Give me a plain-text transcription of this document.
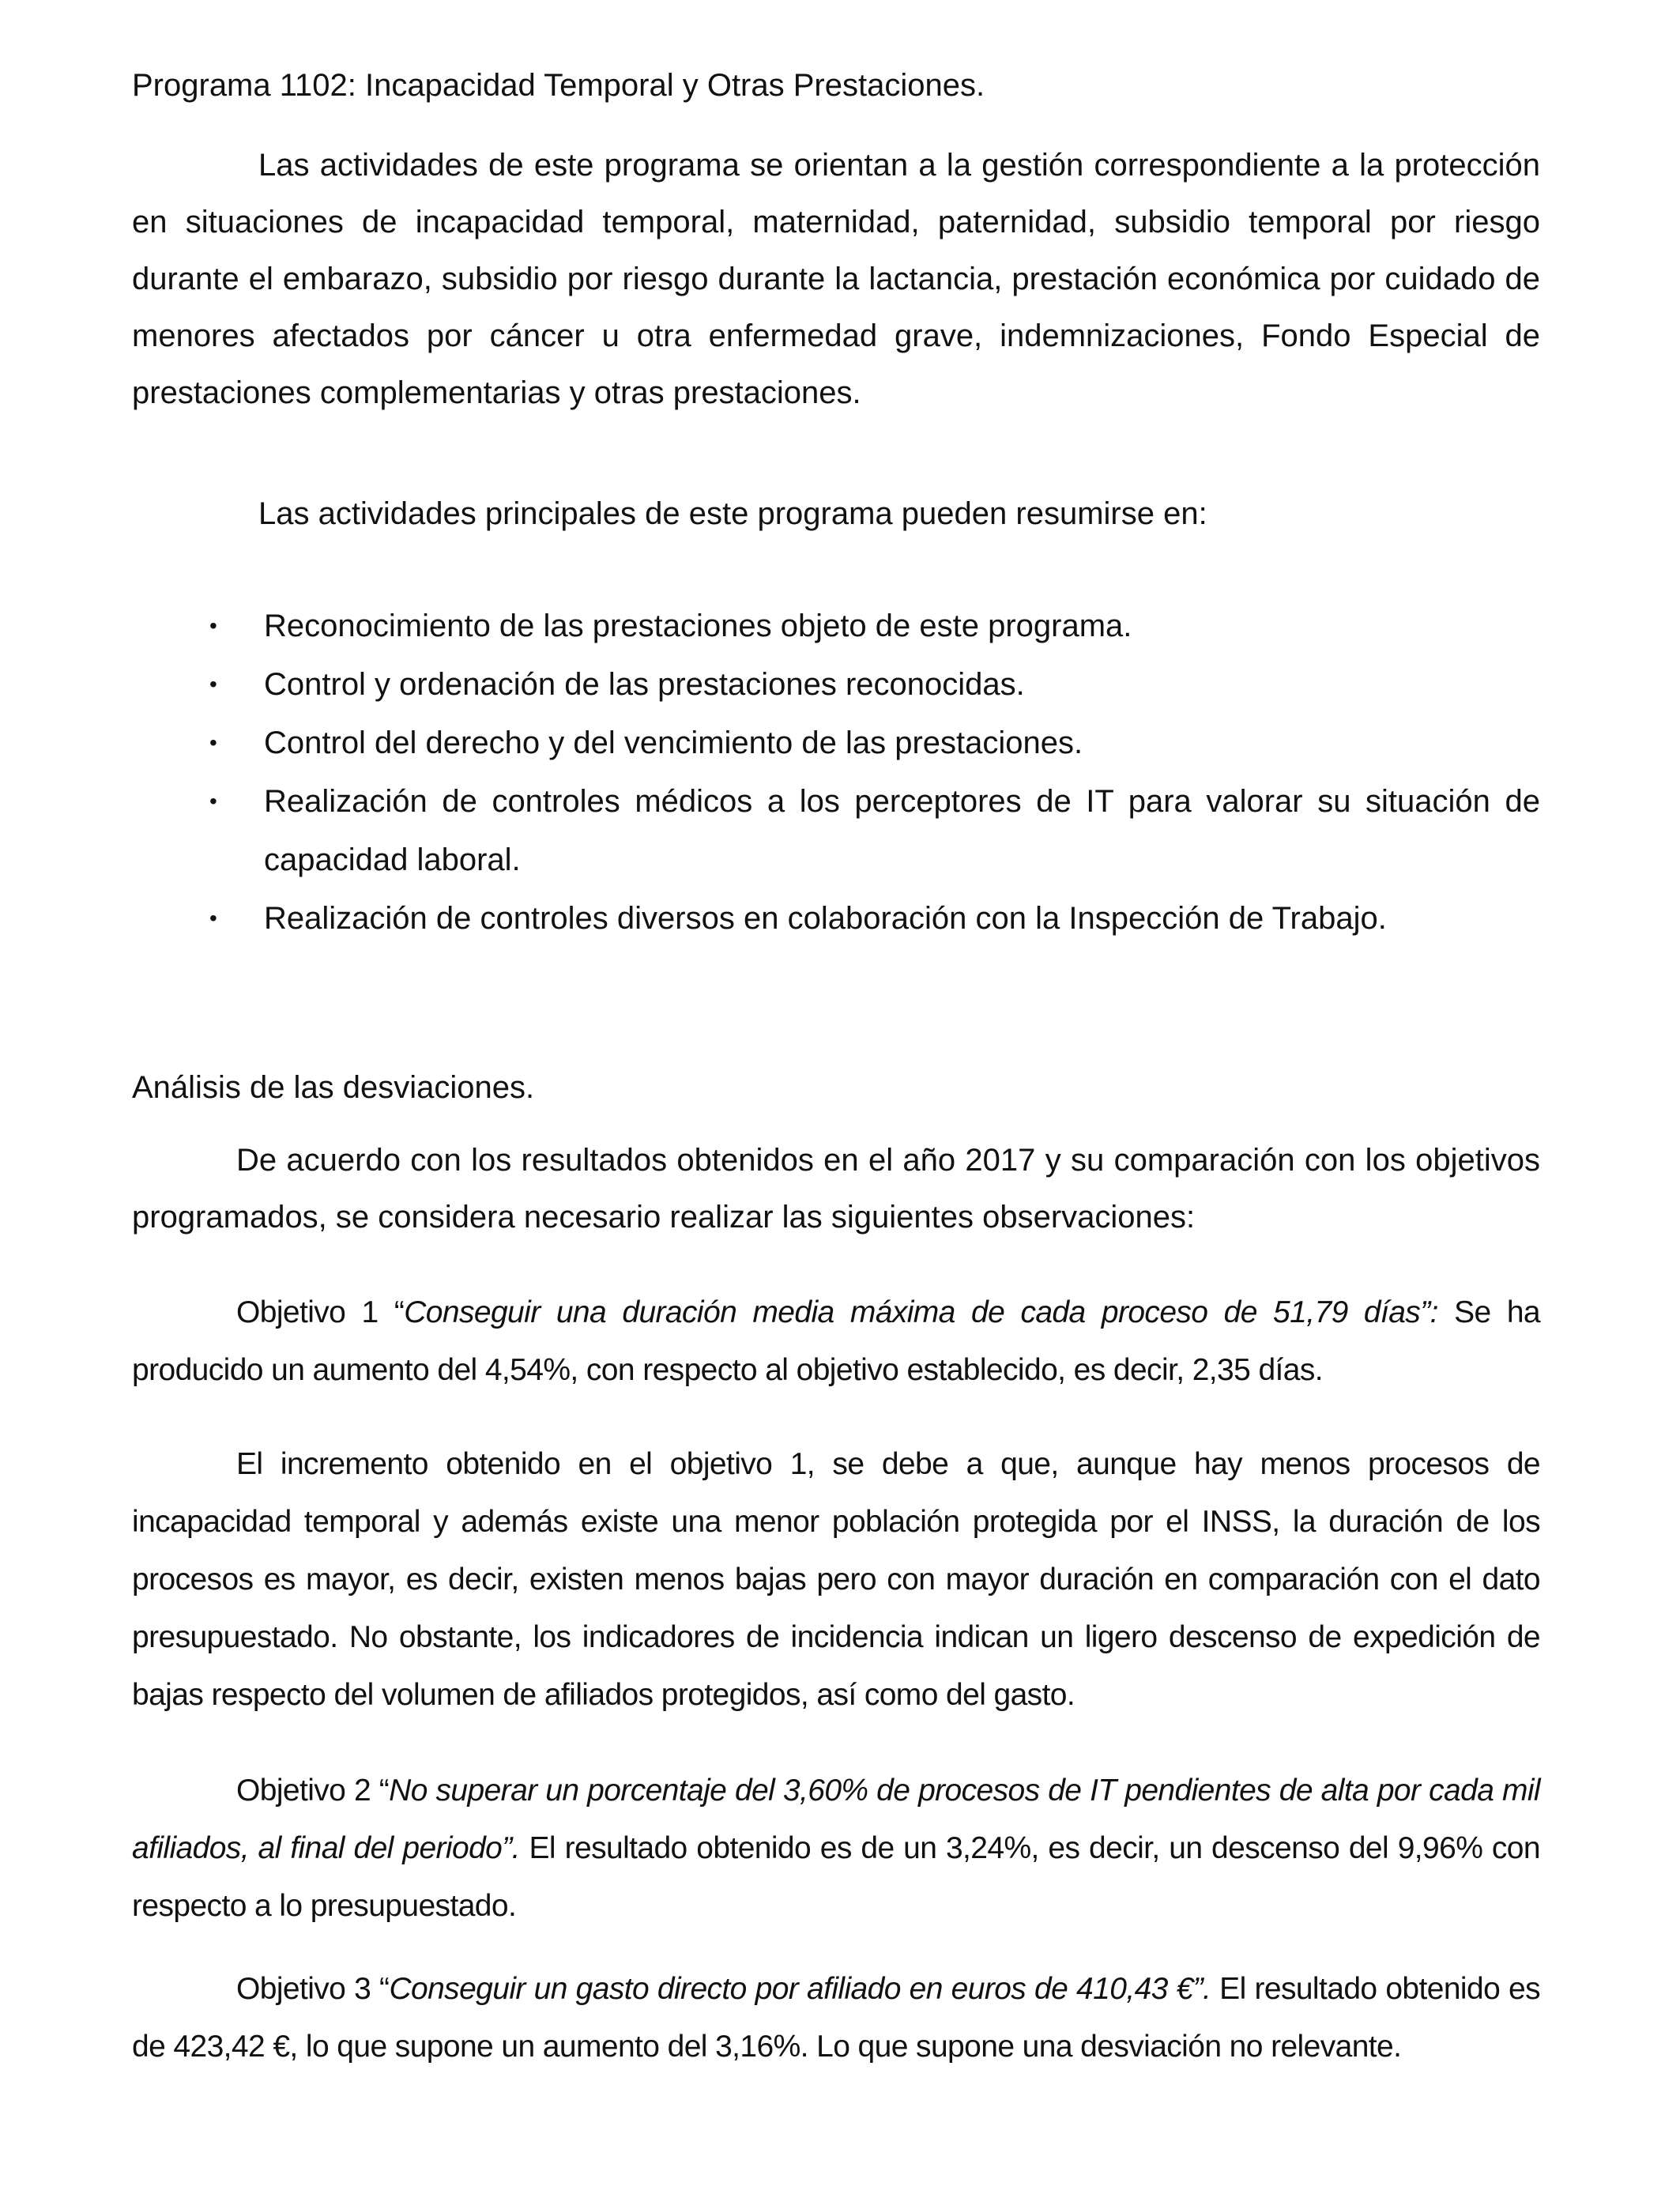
Programa 1102: Incapacidad Temporal y Otras Prestaciones.

Las actividades de este programa se orientan a la gestión correspondiente a la protección en situaciones de incapacidad temporal, maternidad, paternidad, subsidio temporal por riesgo durante el embarazo, subsidio por riesgo durante la lactancia, prestación económica por cuidado de menores afectados por cáncer u otra enfermedad grave, indemnizaciones, Fondo Especial de prestaciones complementarias y otras prestaciones.

Las actividades principales de este programa pueden resumirse en:

• Reconocimiento de las prestaciones objeto de este programa.
• Control y ordenación de las prestaciones reconocidas.
• Control del derecho y del vencimiento de las prestaciones.
• Realización de controles médicos a los perceptores de IT para valorar su situación de capacidad laboral.
• Realización de controles diversos en colaboración con la Inspección de Trabajo.
Análisis de las desviaciones.

De acuerdo con los resultados obtenidos en el año 2017 y su comparación con los objetivos programados, se considera necesario realizar las siguientes observaciones:

Objetivo 1 “Conseguir una duración media máxima de cada proceso de 51,79 días”: Se ha producido un aumento del 4,54%, con respecto al objetivo establecido, es decir, 2,35 días.

El incremento obtenido en el objetivo 1, se debe a que, aunque hay menos procesos de incapacidad temporal y además existe una menor población protegida por el INSS, la duración de los procesos es mayor, es decir, existen menos bajas pero con mayor duración en comparación con el dato presupuestado. No obstante, los indicadores de incidencia indican un ligero descenso de expedición de bajas respecto del volumen de afiliados protegidos, así como del gasto.

Objetivo 2 “No superar un porcentaje del 3,60% de procesos de IT pendientes de alta por cada mil afiliados, al final del periodo”. El resultado obtenido es de un 3,24%, es decir, un descenso del 9,96% con respecto a lo presupuestado.

Objetivo 3 “Conseguir un gasto directo por afiliado en euros de 410,43 €”. El resultado obtenido es de 423,42 €, lo que supone un aumento del 3,16%. Lo que supone una desviación no relevante.
